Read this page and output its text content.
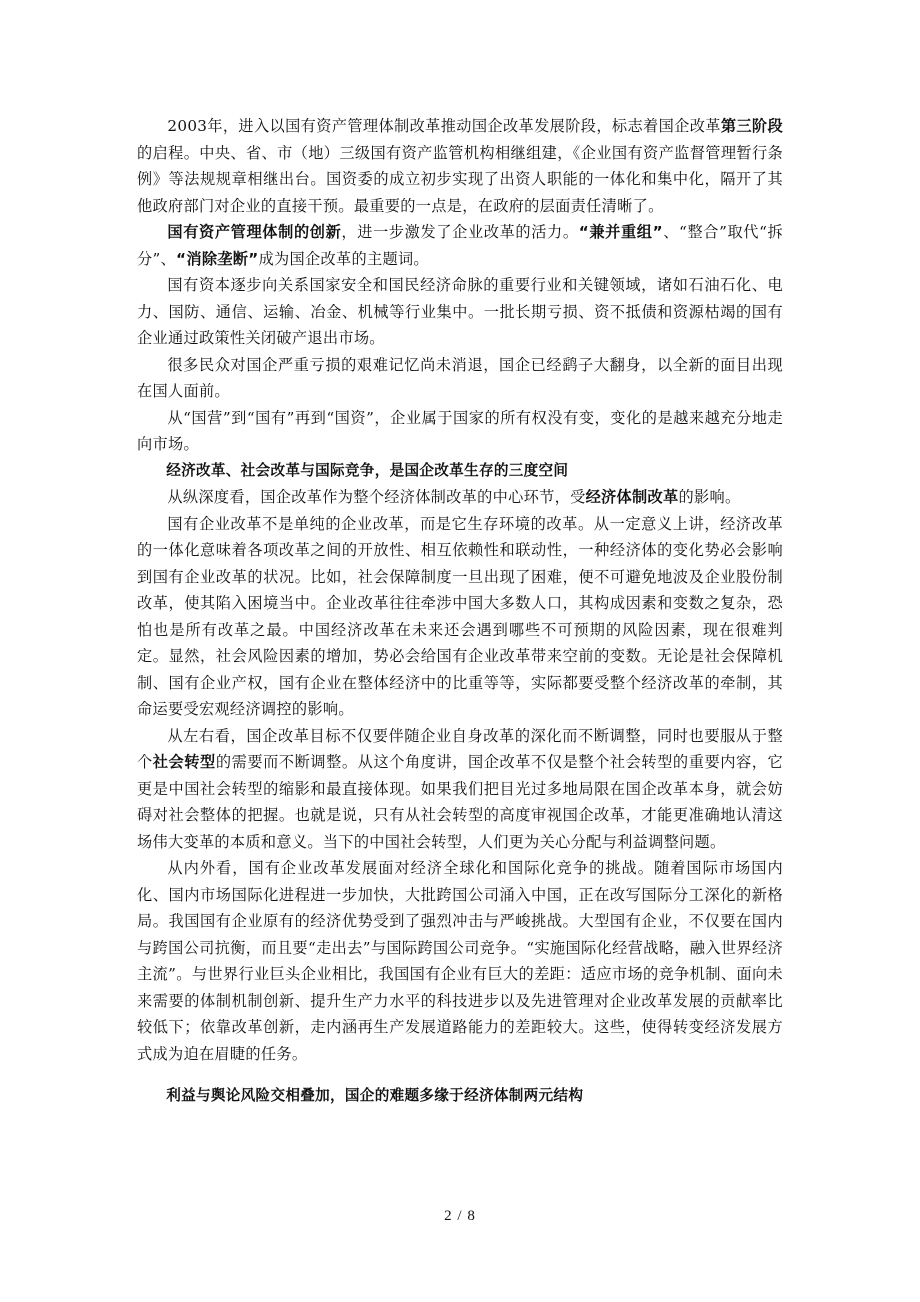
2003年，进入以国有资产管理体制改革推动国企改革发展阶段，标志着国企改革第三阶段的启程。中央、省、市（地）三级国有资产监管机构相继组建，《企业国有资产监督管理暂行条例》等法规规章相继出台。国资委的成立初步实现了出资人职能的一体化和集中化，隔开了其他政府部门对企业的直接干预。最重要的一点是，在政府的层面责任清晰了。

国有资产管理体制的创新，进一步激发了企业改革的活力。“兼并重组”、“整合”取代“拆分”、“消除垄断”成为国企改革的主题词。

国有资本逐步向关系国家安全和国民经济命脉的重要行业和关键领域，诸如石油石化、电力、国防、通信、运输、冶金、机械等行业集中。一批长期亏损、资不抵债和资源枯竭的国有企业通过政策性关闭破产退出市场。

很多民众对国企严重亏损的艰难记忆尚未消退，国企已经鹞子大翻身，以全新的面目出现在国人面前。

从“国营”到“国有”再到“国资”，企业属于国家的所有权没有变，变化的是越来越充分地走向市场。

经济改革、社会改革与国际竞争，是国企改革生存的三度空间

从纵深度看，国企改革作为整个经济体制改革的中心环节，受经济体制改革的影响。

国有企业改革不是单纯的企业改革，而是它生存环境的改革。从一定意义上讲，经济改革的一体化意味着各项改革之间的开放性、相互依赖性和联动性，一种经济体的变化势必会影响到国有企业改革的状况。比如，社会保障制度一旦出现了困难，便不可避免地波及企业股份制改革，使其陷入困境当中。企业改革往往牵涉中国大多数人口，其构成因素和变数之复杂，恐怕也是所有改革之最。中国经济改革在未来还会遇到哪些不可预期的风险因素，现在很难判定。显然，社会风险因素的增加，势必会给国有企业改革带来空前的变数。无论是社会保障机制、国有企业产权，国有企业在整体经济中的比重等等，实际都要受整个经济改革的牵制，其命运要受宏观经济调控的影响。

从左右看，国企改革目标不仅要伴随企业自身改革的深化而不断调整，同时也要服从于整个社会转型的需要而不断调整。从这个角度讲，国企改革不仅是整个社会转型的重要内容，它更是中国社会转型的缩影和最直接体现。如果我们把目光过多地局限在国企改革本身，就会妨碍对社会整体的把握。也就是说，只有从社会转型的高度审视国企改革，才能更准确地认清这场伟大变革的本质和意义。当下的中国社会转型，人们更为关心分配与利益调整问题。

从内外看，国有企业改革发展面对经济全球化和国际化竞争的挑战。随着国际市场国内化、国内市场国际化进程进一步加快，大批跨国公司涌入中国，正在改写国际分工深化的新格局。我国国有企业原有的经济优势受到了强烈冲击与严峻挑战。大型国有企业，不仅要在国内与跨国公司抗衡，而且要“走出去”与国际跨国公司竞争。“实施国际化经营战略，融入世界经济主流”。与世界行业巨头企业相比，我国国有企业有巨大的差距：适应市场的竞争机制、面向未来需要的体制机制创新、提升生产力水平的科技进步以及先进管理对企业改革发展的贡献率比较低下；依靠改革创新，走内涵再生产发展道路能力的差距较大。这些，使得转变经济发展方式成为迫在眉睫的任务。

利益与舆论风险交相叠加，国企的难题多缘于经济体制两元结构

2 / 8
